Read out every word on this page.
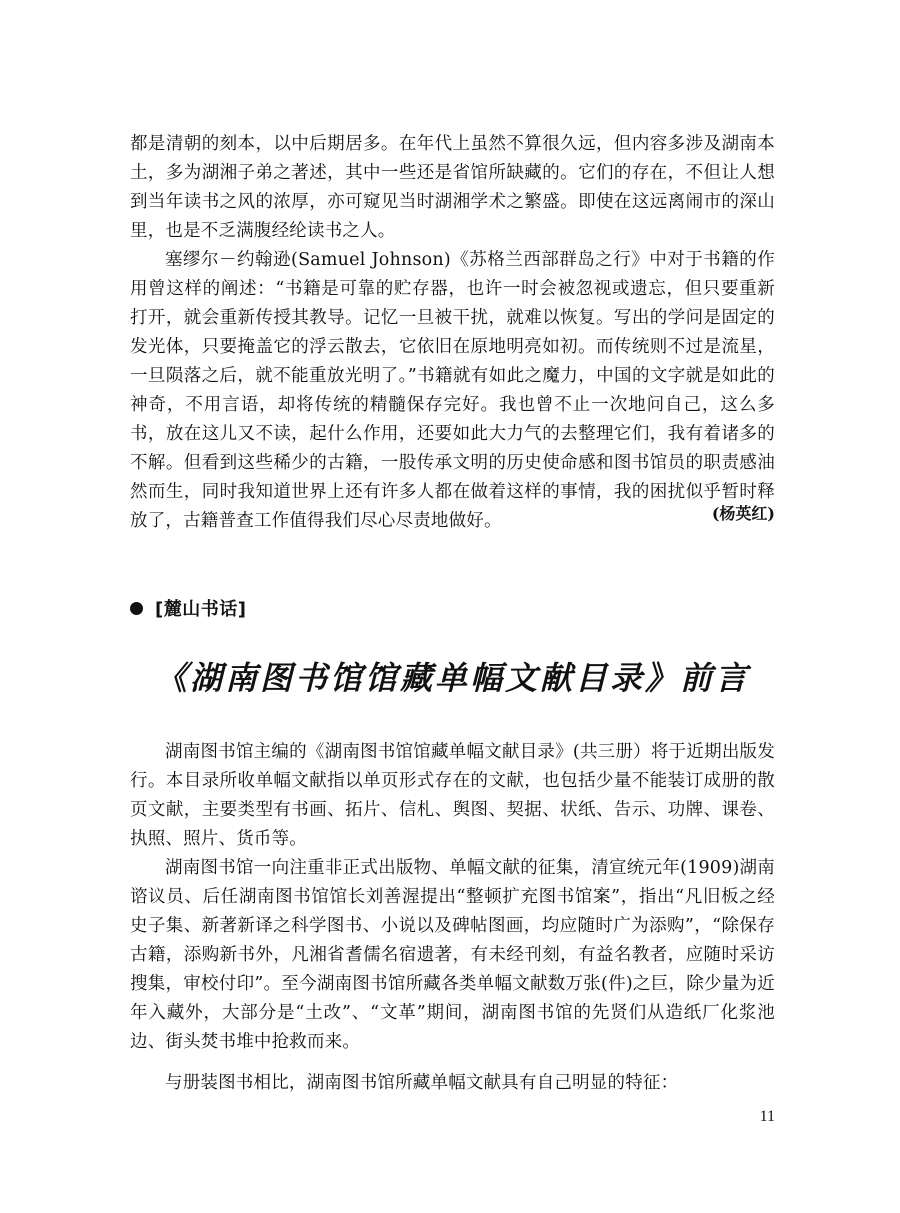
都是清朝的刻本，以中后期居多。在年代上虽然不算很久远，但内容多涉及湖南本土，多为湖湘子弟之著述，其中一些还是省馆所缺藏的。它们的存在，不但让人想到当年读书之风的浓厚，亦可窥见当时湖湘学术之繁盛。即使在这远离闹市的深山里，也是不乏满腹经纶读书之人。

塞缪尔－约翰逊(Samuel Johnson)《苏格兰西部群岛之行》中对于书籍的作用曾这样的阐述：“书籍是可靠的贮存器，也许一时会被忽视或遗忘，但只要重新打开，就会重新传授其教导。记忆一旦被干扰，就难以恢复。写出的学问是固定的发光体，只要掩盖它的浮云散去，它依旧在原地明亮如初。而传统则不过是流星，一旦陨落之后，就不能重放光明了。”书籍就有如此之魔力，中国的文字就是如此的神奇，不用言语，却将传统的精髓保存完好。我也曾不止一次地问自己，这么多书，放在这儿又不读，起什么作用，还要如此大力气的去整理它们，我有着诸多的不解。但看到这些稀少的古籍，一股传承文明的历史使命感和图书馆员的职责感油然而生，同时我知道世界上还有许多人都在做着这样的事情，我的困扰似乎暂时释放了，古籍普查工作值得我们尽心尽责地做好。	(杨英红)
[麓山书话]
《湖南图书馆馆藏单幅文献目录》前言

湖南图书馆主编的《湖南图书馆馆藏单幅文献目录》(共三册）将于近期出版发行。本目录所收单幅文献指以单页形式存在的文献，也包括少量不能装订成册的散页文献，主要类型有书画、拓片、信札、舆图、契据、状纸、告示、功牌、课卷、执照、照片、货币等。

湖南图书馆一向注重非正式出版物、单幅文献的征集，清宣统元年(1909)湖南谘议员、后任湖南图书馆馆长刘善渥提出“整顿扩充图书馆案”，指出“凡旧板之经史子集、新著新译之科学图书、小说以及碑帖图画，均应随时广为添购”，“除保存古籍，添购新书外，凡湘省耆儒名宿遗著，有未经刊刻，有益名教者，应随时采访搜集，审校付印”。至今湖南图书馆所藏各类单幅文献数万张(件)之巨，除少量为近年入藏外，大部分是“土改”、“文革”期间，湖南图书馆的先贤们从造纸厂化浆池边、街头焚书堆中抢救而来。

与册装图书相比，湖南图书馆所藏单幅文献具有自己明显的特征：

11
